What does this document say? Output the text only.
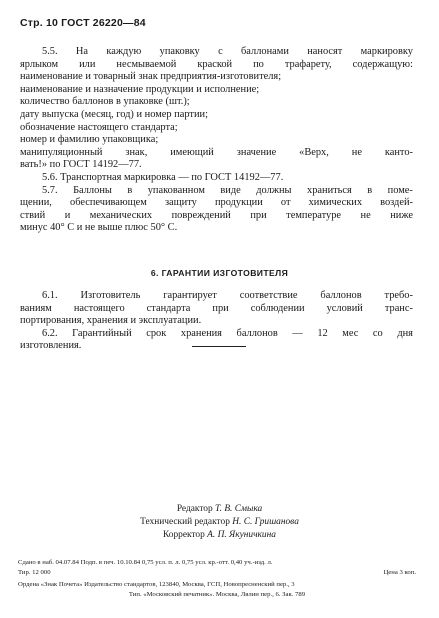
Стр. 10 ГОСТ 26220—84
5.5. На каждую упаковку с баллонами наносят маркировку
ярлыком или несмываемой краской по трафарету, содержащую:
наименование и товарный знак предприятия-изготовителя;
наименование и назначение продукции и исполнение;
количество баллонов в упаковке (шт.);
дату выпуска (месяц, год) и номер партии;
обозначение настоящего стандарта;
номер и фамилию упаковщика;
манипуляционный знак, имеющий значение «Верх, не канто-
вать!» по ГОСТ 14192—77.
5.6. Транспортная маркировка — по ГОСТ 14192—77.
5.7. Баллоны в упакованном виде должны храниться в поме-
щении, обеспечивающем защиту продукции от химических воздей-
ствий и механических повреждений при температуре не ниже
минус 40° С и не выше плюс 50° С.
6. ГАРАНТИИ ИЗГОТОВИТЕЛЯ
6.1. Изготовитель гарантирует соответствие баллонов требо-
ваниям настоящего стандарта при соблюдении условий транс-
портирования, хранения и эксплуатации.
6.2. Гарантийный срок хранения баллонов — 12 мес со дня
изготовления.
Редактор Т. В. Смыка
Технический редактор Н. С. Гришанова
Корректор А. П. Якуничкина
Сдано в наб. 04.07.84 Подп. в печ. 10.10.84 0,75 усл. п. л. 0,75 усл. кр.-отт. 0,40 уч.-изд. л.
Тир. 12 000	Цена 3 коп.
Ордена «Знак Почета» Издательство стандартов, 123840, Москва, ГСП, Новопресненский пер., 3
Тип. «Московский печатник». Москва, Лялин пер., 6. Зак. 789
